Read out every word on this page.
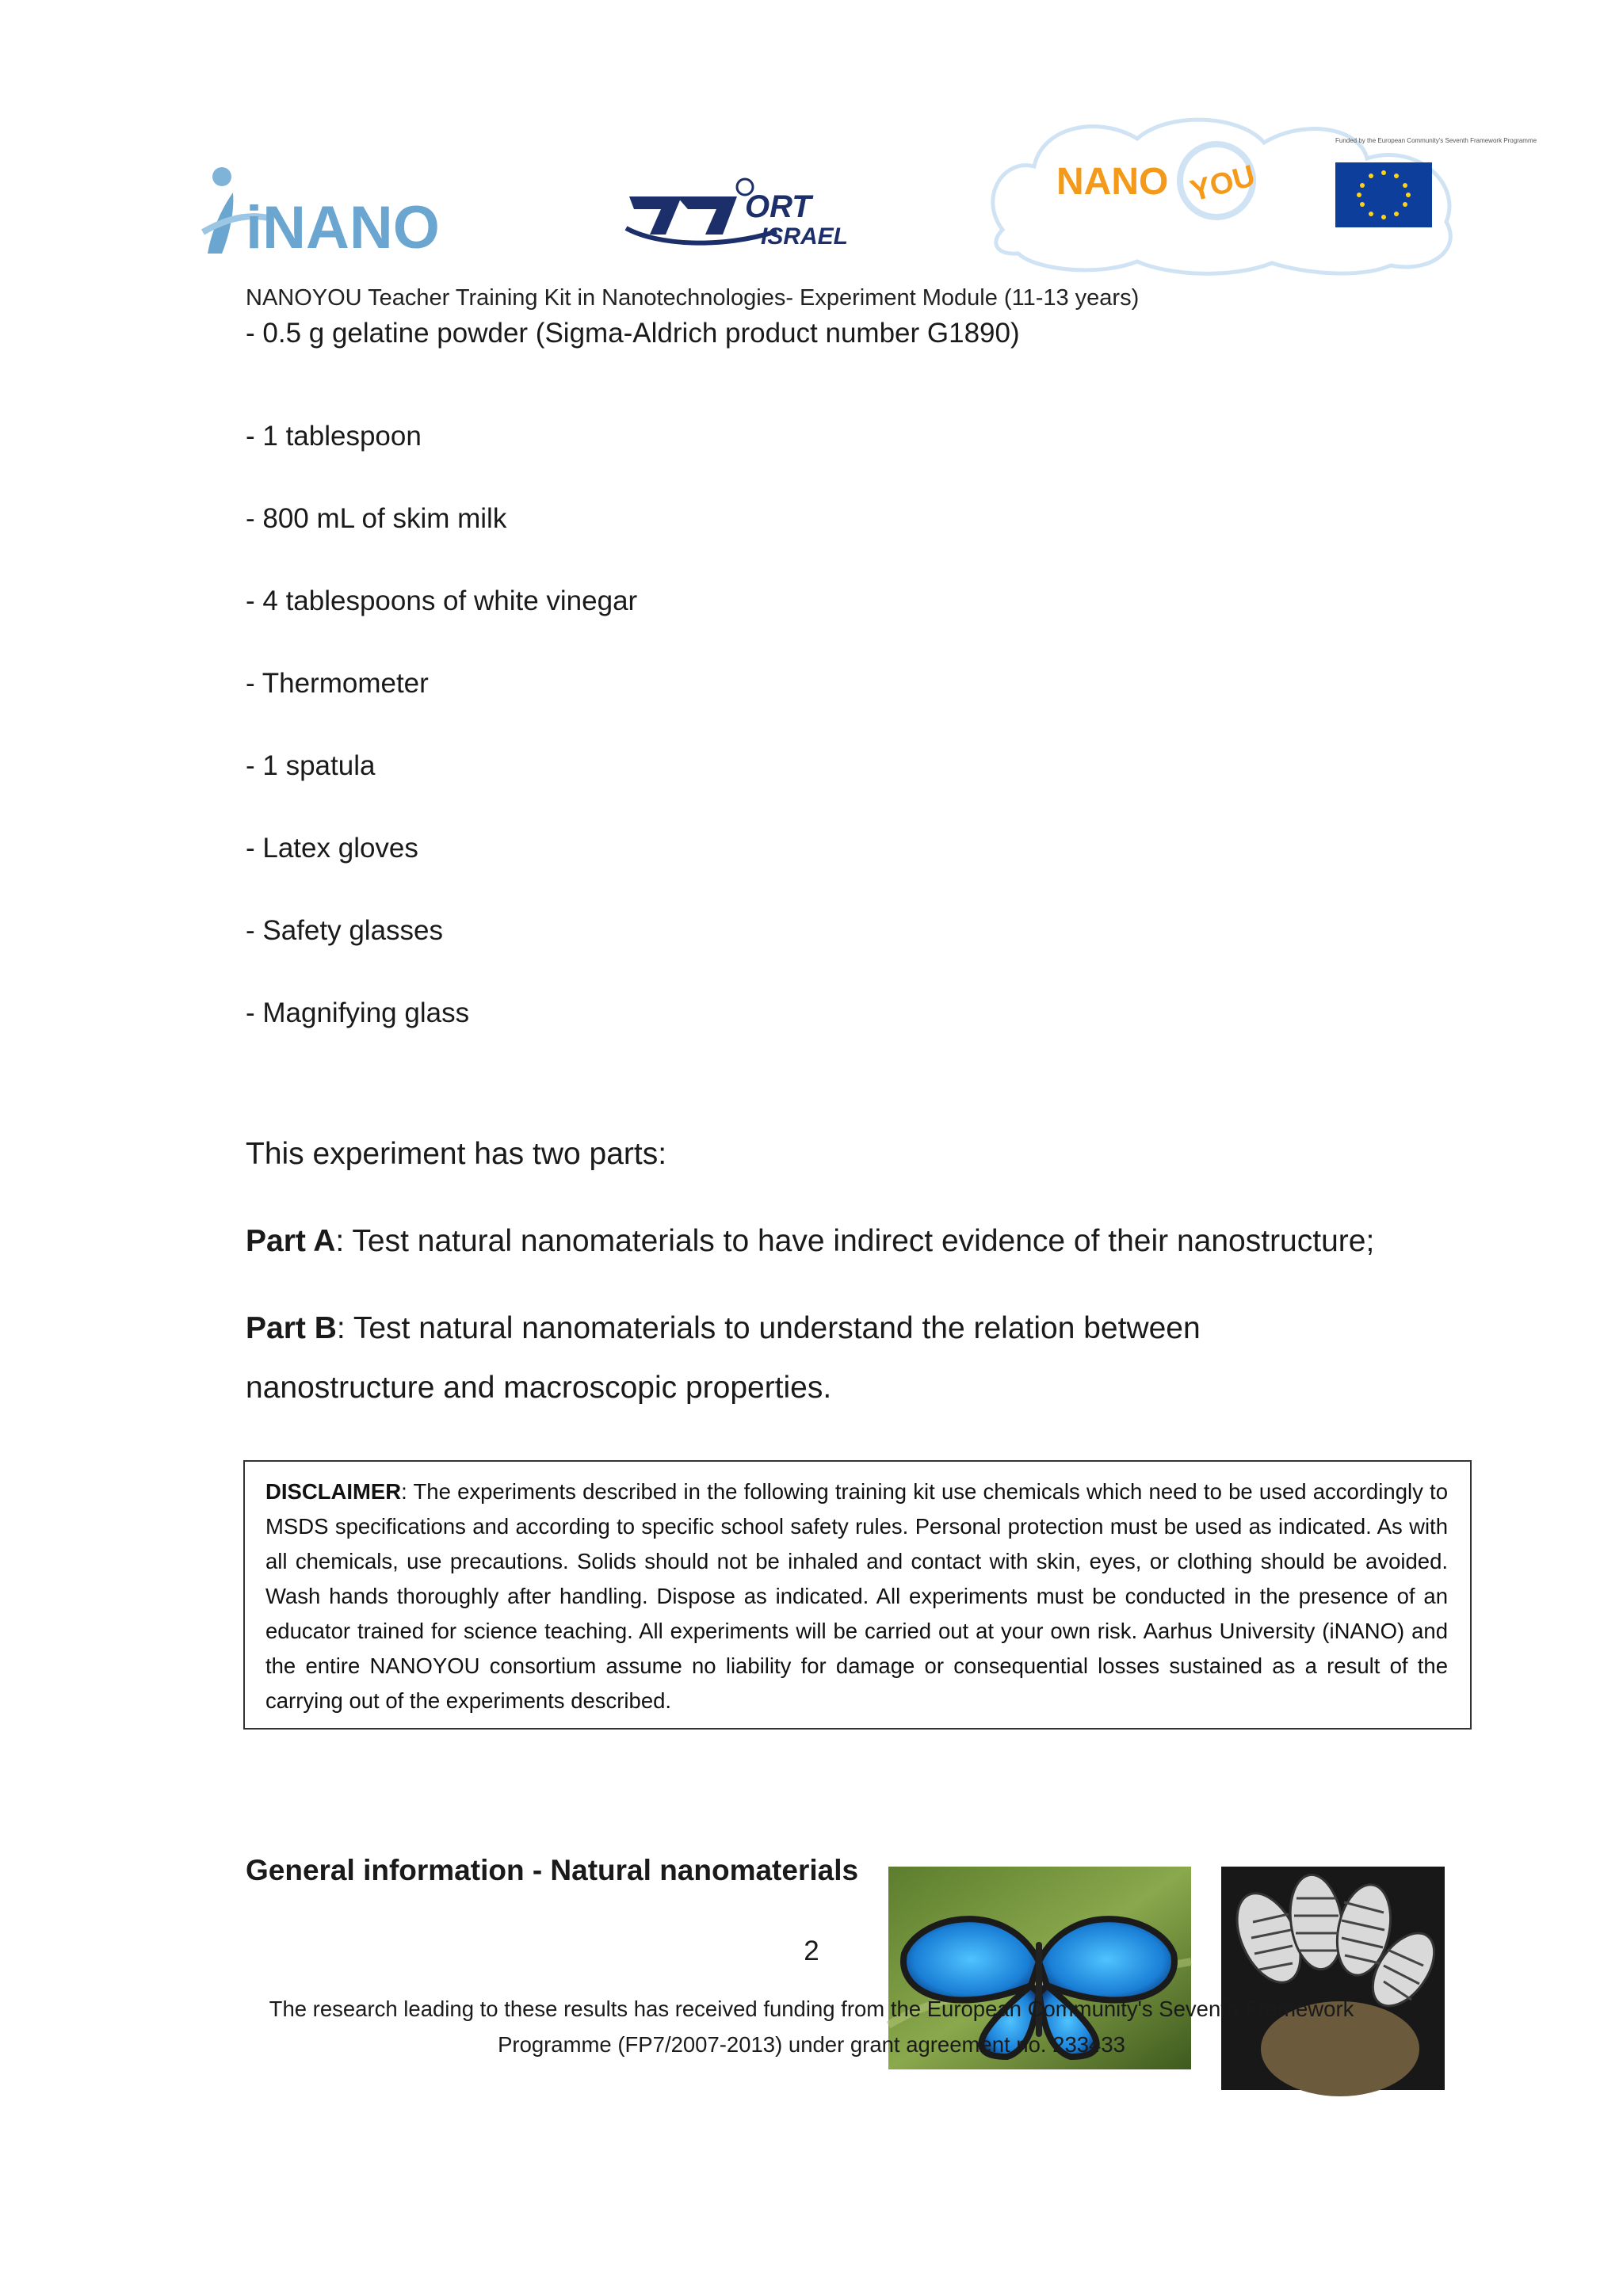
iNANO	ORT
ISRAEL
NANO YOU
Funded by the European Community's Seventh Framework Programme
NANOYOU Teacher Training Kit in Nanotechnologies- Experiment Module (11-13 years)
- 0.5 g gelatine powder (Sigma-Aldrich product number G1890)
- 1 tablespoon
- 800 mL of skim milk
- 4 tablespoons of white vinegar
- Thermometer
- 1 spatula
- Latex gloves
- Safety glasses
- Magnifying glass
This experiment has two parts:
Part A: Test natural nanomaterials to have indirect evidence of their nanostructure;
Part B: Test natural nanomaterials to understand the relation between
nanostructure and macroscopic properties.
DISCLAIMER: The experiments described in the following training kit use chemicals which need to be used accordingly to MSDS specifications and according to specific school safety rules. Personal protection must be used as indicated. As with all chemicals, use precautions. Solids should not be inhaled and contact with skin, eyes, or clothing should be avoided. Wash hands thoroughly after handling. Dispose as indicated. All experiments must be conducted in the presence of an educator trained for science teaching. All experiments will be carried out at your own risk. Aarhus University (iNANO) and the entire NANOYOU consortium assume no liability for damage or consequential losses sustained as a result of the carrying out of the experiments described.
General information - Natural nanomaterials
2
The research leading to these results has received funding from the European Community's Seventh Framework
Programme (FP7/2007-2013) under grant agreement no. 233433
